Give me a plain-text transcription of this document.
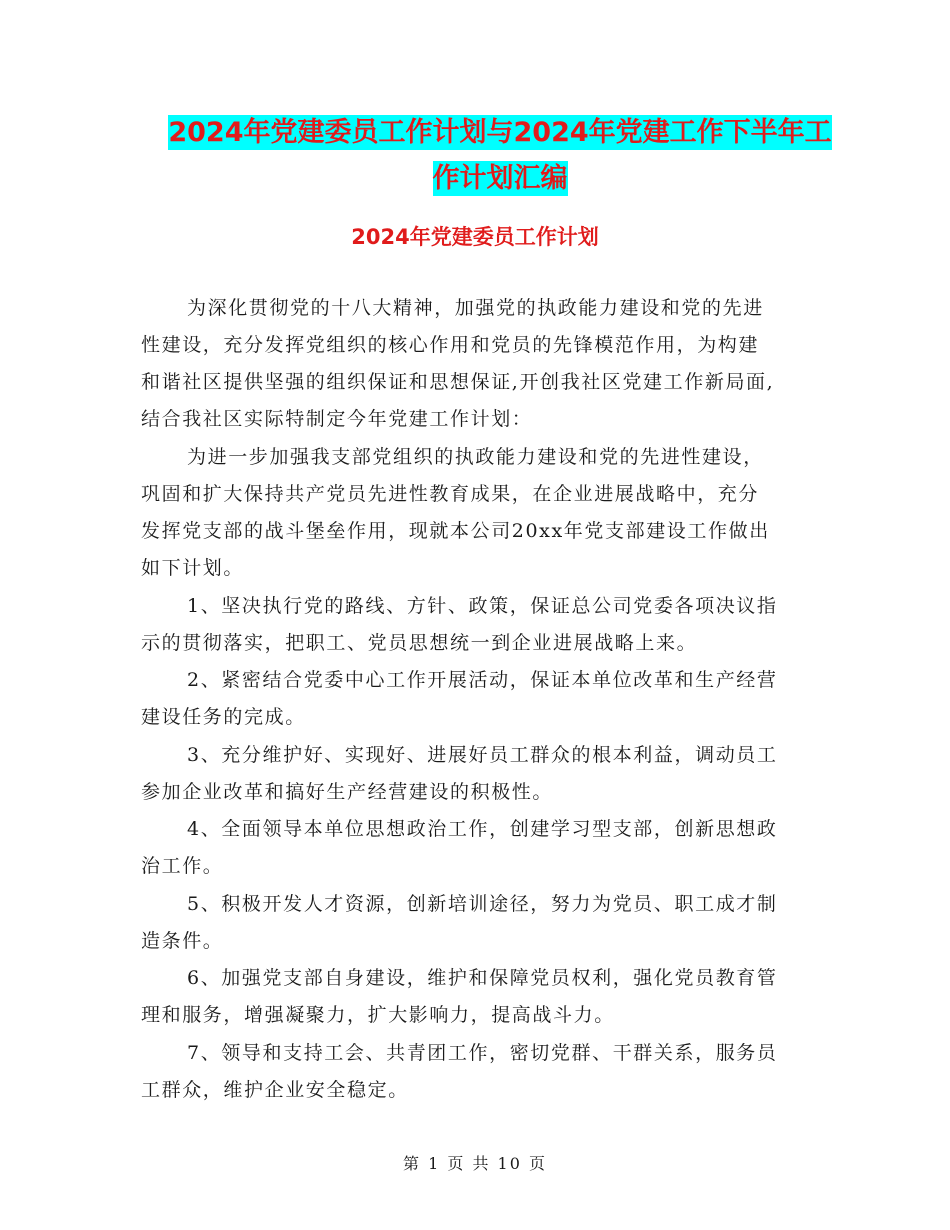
2024年党建委员工作计划与2024年党建工作下半年工
作计划汇编
2024年党建委员工作计划
为深化贯彻党的十八大精神，加强党的执政能力建设和党的先进
性建设，充分发挥党组织的核心作用和党员的先锋模范作用，为构建
和谐社区提供坚强的组织保证和思想保证,开创我社区党建工作新局面,
结合我社区实际特制定今年党建工作计划：
为进一步加强我支部党组织的执政能力建设和党的先进性建设，
巩固和扩大保持共产党员先进性教育成果，在企业进展战略中，充分
发挥党支部的战斗堡垒作用，现就本公司20xx年党支部建设工作做出
如下计划。
1、坚决执行党的路线、方针、政策，保证总公司党委各项决议指
示的贯彻落实，把职工、党员思想统一到企业进展战略上来。
2、紧密结合党委中心工作开展活动，保证本单位改革和生产经营
建设任务的完成。
3、充分维护好、实现好、进展好员工群众的根本利益，调动员工
参加企业改革和搞好生产经营建设的积极性。
4、全面领导本单位思想政治工作，创建学习型支部，创新思想政
治工作。
5、积极开发人才资源，创新培训途径，努力为党员、职工成才制
造条件。
6、加强党支部自身建设，维护和保障党员权利，强化党员教育管
理和服务，增强凝聚力，扩大影响力，提高战斗力。
7、领导和支持工会、共青团工作，密切党群、干群关系，服务员
工群众，维护企业安全稳定。
第 1 页 共 10 页
